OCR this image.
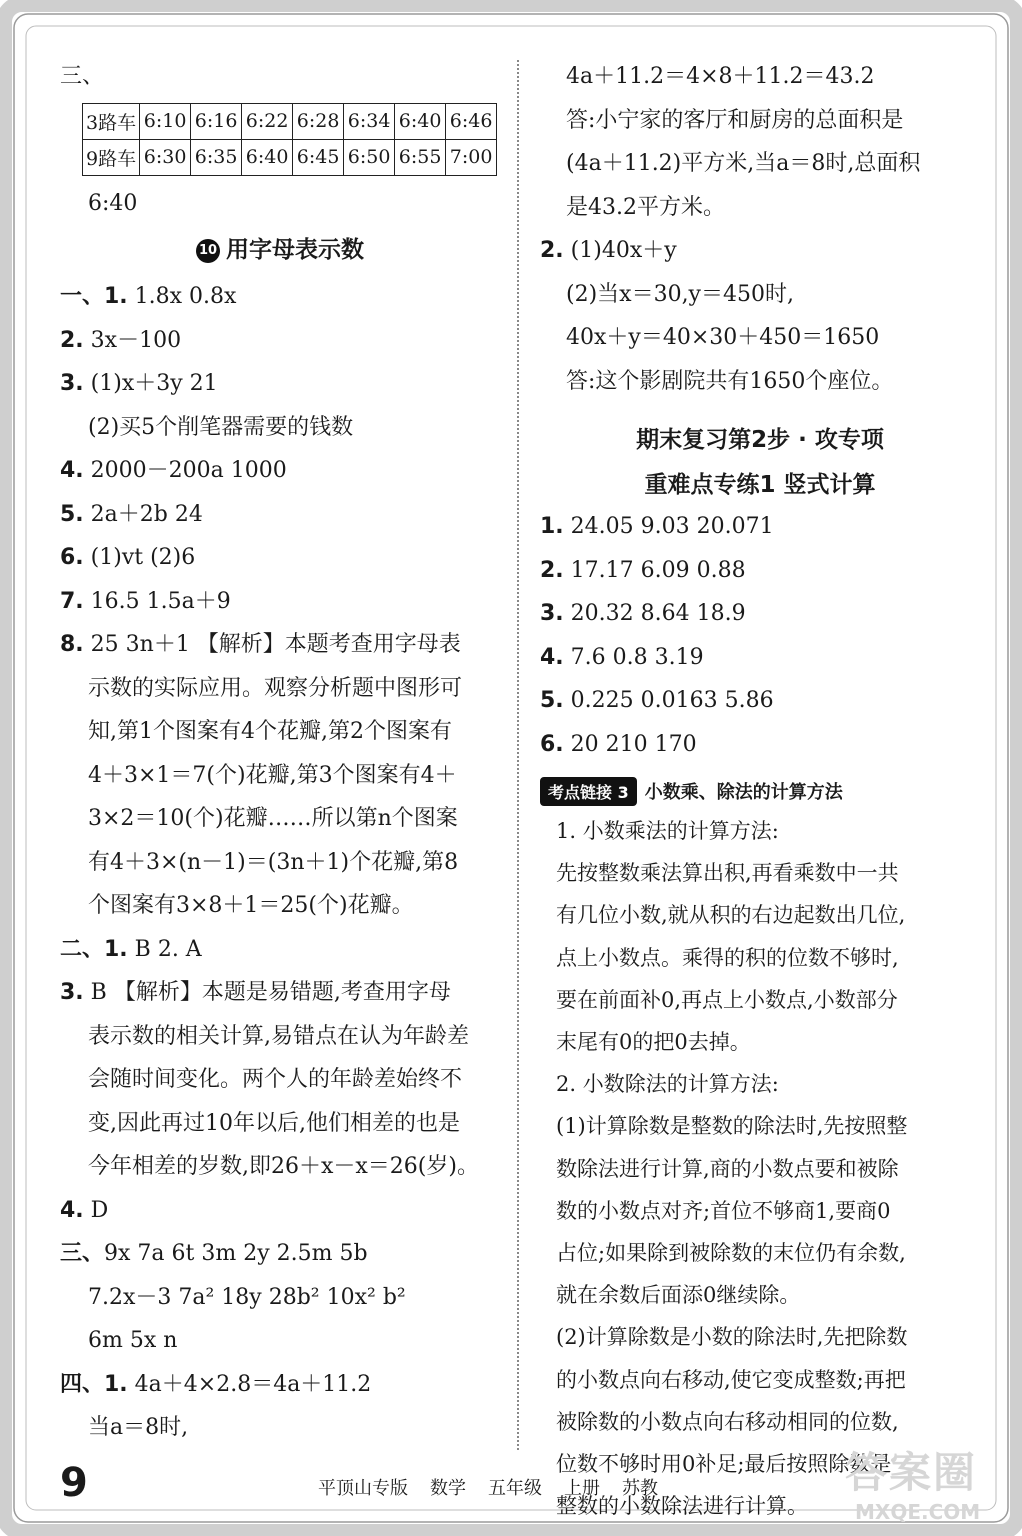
三、
3路车	6:10	6:16	6:22	6:28	6:34	6:40	6:46
9路车	6:30	6:35	6:40	6:45	6:50	6:55	7:00
6:40
10 用字母表示数
一、1. 1.8x 0.8x
2. 3x－100
3. (1)x＋3y 21
(2)买5个削笔器需要的钱数
4. 2000－200a 1000
5. 2a＋2b 24
6. (1)vt (2)6
7. 16.5 1.5a＋9
8. 25 3n＋1 【解析】本题考查用字母表
示数的实际应用。观察分析题中图形可
知,第1个图案有4个花瓣,第2个图案有
4＋3×1＝7(个)花瓣,第3个图案有4＋
3×2＝10(个)花瓣……所以第n个图案
有4＋3×(n－1)＝(3n＋1)个花瓣,第8
个图案有3×8＋1＝25(个)花瓣。
二、1. B 2. A
3. B 【解析】本题是易错题,考查用字母
表示数的相关计算,易错点在认为年龄差
会随时间变化。两个人的年龄差始终不
变,因此再过10年以后,他们相差的也是
今年相差的岁数,即26＋x－x＝26(岁)。
4. D
三、9x 7a 6t 3m 2y 2.5m 5b
7.2x－3 7a² 18y 28b² 10x² b²
6m 5x n
四、1. 4a＋4×2.8＝4a＋11.2
当a＝8时,
4a＋11.2＝4×8＋11.2＝43.2
答:小宁家的客厅和厨房的总面积是
(4a＋11.2)平方米,当a＝8时,总面积
是43.2平方米。
2. (1)40x＋y
(2)当x＝30,y＝450时,
40x＋y＝40×30＋450＝1650
答:这个影剧院共有1650个座位。
期末复习第2步 · 攻专项
重难点专练1 竖式计算
1. 24.05 9.03 20.071
2. 17.17 6.09 0.88
3. 20.32 8.64 18.9
4. 7.6 0.8 3.19
5. 0.225 0.0163 5.86
6. 20 210 170
考点链接 3 小数乘、除法的计算方法
1. 小数乘法的计算方法:
先按整数乘法算出积,再看乘数中一共
有几位小数,就从积的右边起数出几位,
点上小数点。乘得的积的位数不够时,
要在前面补0,再点上小数点,小数部分
末尾有0的把0去掉。
2. 小数除法的计算方法:
(1)计算除数是整数的除法时,先按照整
数除法进行计算,商的小数点要和被除
数的小数点对齐;首位不够商1,要商0
占位;如果除到被除数的末位仍有余数,
就在余数后面添0继续除。
(2)计算除数是小数的除法时,先把除数
的小数点向右移动,使它变成整数;再把
被除数的小数点向右移动相同的位数,
位数不够时用0补足;最后按照除数是
整数的小数除法进行计算。
9	平顶山专版 数学 五年级 上册 苏教	答案圈
MXQE.COM
